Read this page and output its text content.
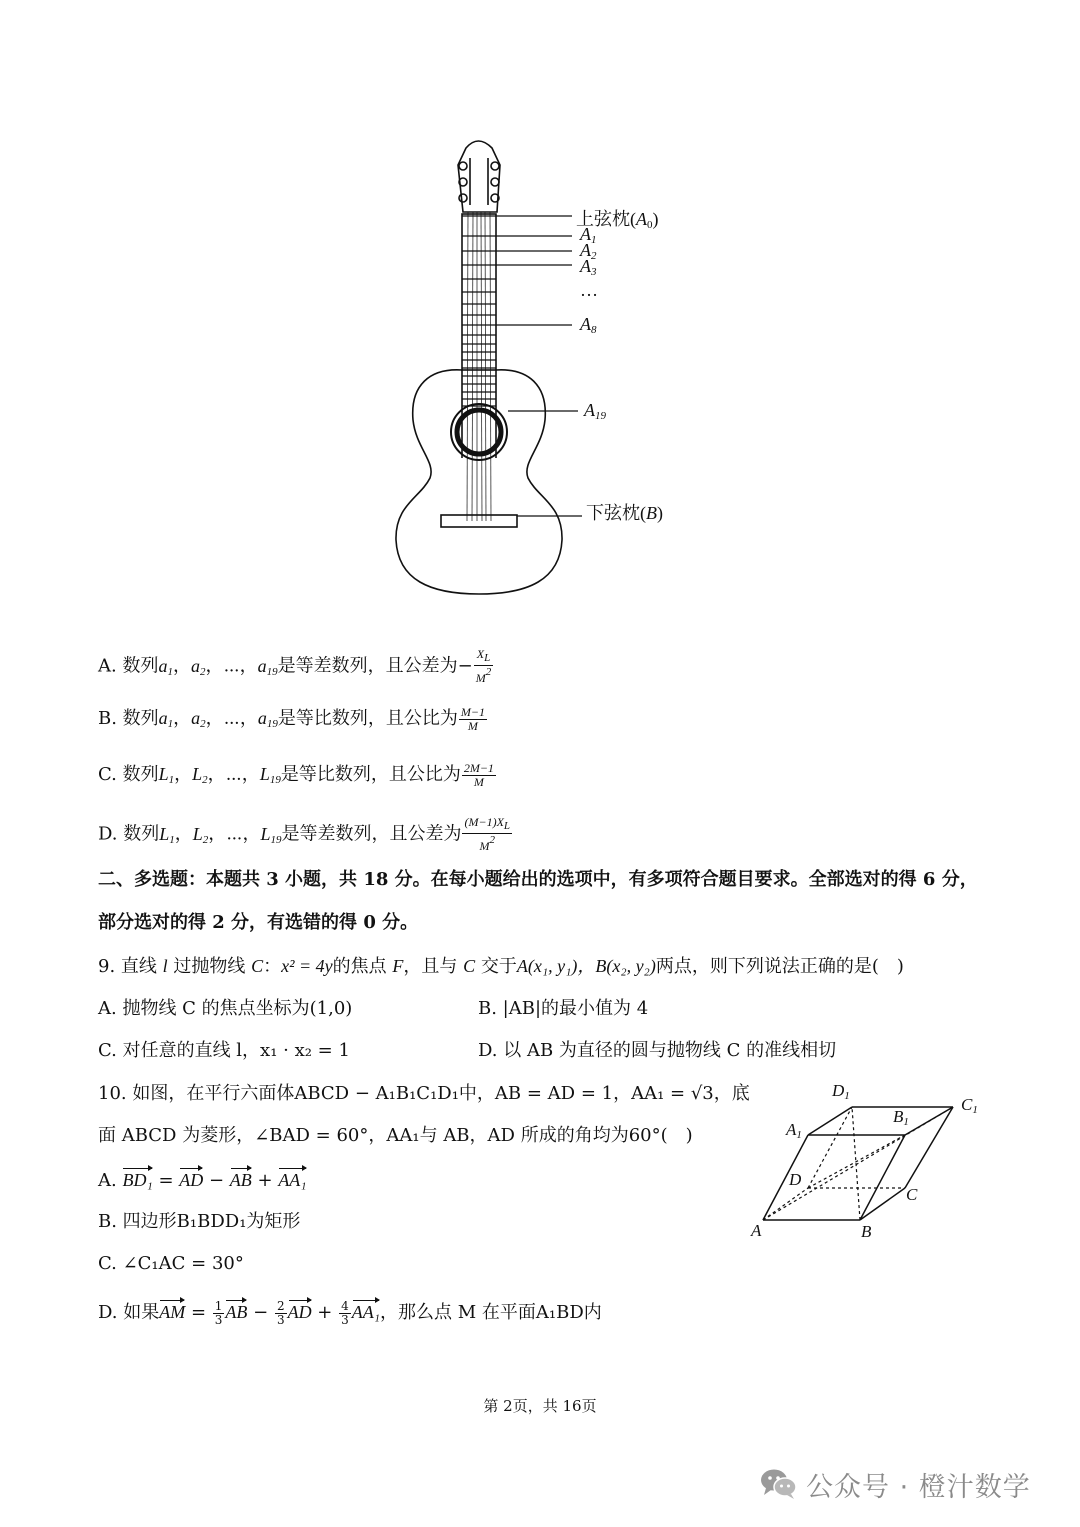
上弦枕$(A_0)$
$A_1$
$A_2$
$A_3$
…
$A_8$
$A_{19}$
下弦枕(B)
A. 数列$a_1$，$a_2$，⋯，$a_{19}$是等差数列，且公差为− $\frac{X_L}{M^2}$
B. 数列$a_1$，$a_2$，⋯，$a_{19}$是等比数列，且公比为 $\frac{M-1}{M}$
C. 数列$L_1$，$L_2$，⋯，$L_{19}$是等比数列，且公比为 $\frac{2M-1}{M}$
D. 数列$L_1$，$L_2$，⋯，$L_{19}$是等差数列，且公差为 $\frac{(M-1)X_L}{M^2}$
二、多选题：本题共 3 小题，共 18 分。在每小题给出的选项中，有多项符合题目要求。全部选对的得 6 分，
部分选对的得 2 分，有选错的得 0 分。
9. 直线 l 过抛物线 C：x² = 4y的焦点 F，且与 C 交于A(x₁, y₁)，B(x₂, y₂)两点，则下列说法正确的是(　)
A. 抛物线 C 的焦点坐标为(1,0)	B. |AB|的最小值为 4
C. 对任意的直线 l，x₁ · x₂ = 1	D. 以 AB 为直径的圆与抛物线 C 的准线相切
10. 如图，在平行六面体ABCD − A₁B₁C₁D₁中，AB = AD = 1，AA₁ = √3，底
面 ABCD 为菱形，∠BAD = 60°，AA₁与 AB，AD 所成的角均为60°(　)
A. BD₁ = AD − AB + AA₁
B. 四边形B₁BDD₁为矩形
C. ∠C₁AC = 30°
D. 如果AM = $\frac{1}{3}$ AB − $\frac{2}{3}$ AD + $\frac{4}{3} AA_1$，那么点 M 在平面A₁BD内
$D_1$	$C_1$
$B_1$
$A_1$
D
C
A	B
第 2页，共 16页
公众号 · 橙汁数学
